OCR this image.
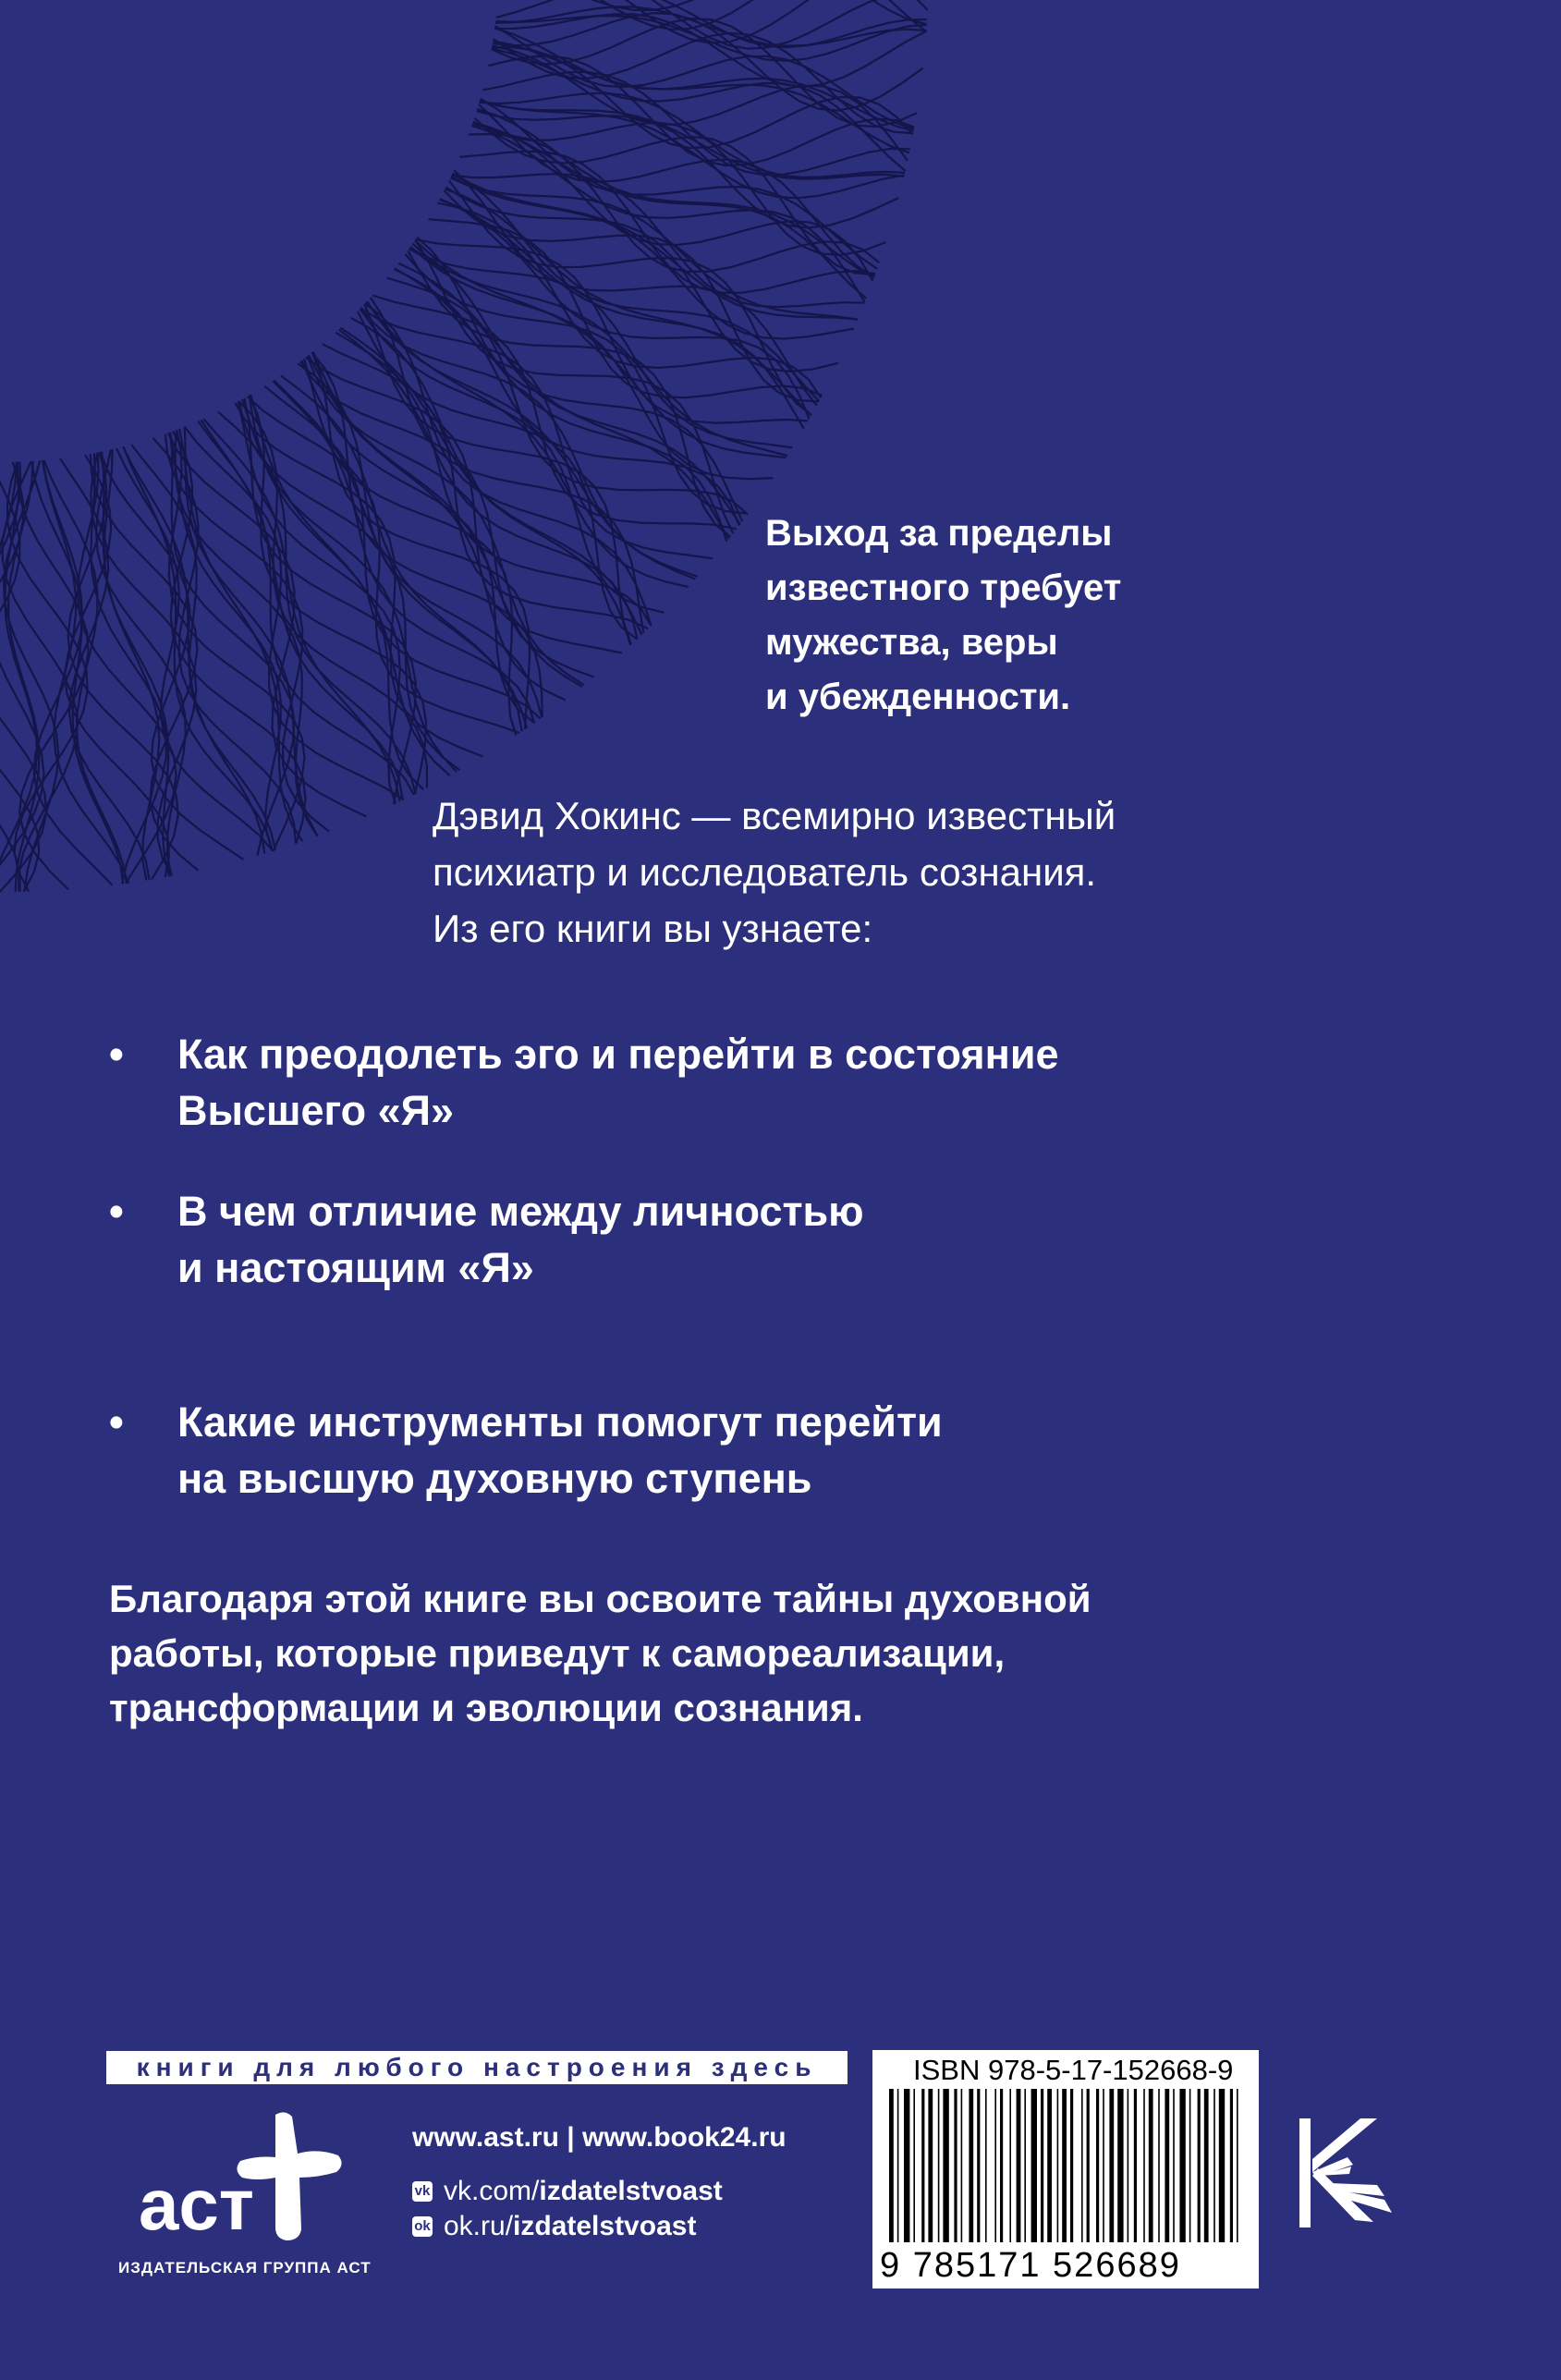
Выход за пределы
известного требует
мужества, веры
и убежденности.

Дэвид Хокинс — всемирно известный
психиатр и исследователь сознания.
Из его книги вы узнаете:

• Как преодолеть эго и перейти в состояние
Высшего «Я»
• В чем отличие между личностью
и настоящим «Я»
• Какие инструменты помогут перейти
на высшую духовную ступень

Благодаря этой книге вы освоите тайны духовной
работы, которые приведут к самореализации,
трансформации и эволюции сознания.

книги для любого настроения здесь
аст
ИЗДАТЕЛЬСКАЯ ГРУППА АСТ
www.ast.ru | www.book24.ru
vk vk.com/ izdatelstvoast
ok ok.ru/ izdatelstvoast
ISBN 978-5-17-152668-9
9 785171 526689
